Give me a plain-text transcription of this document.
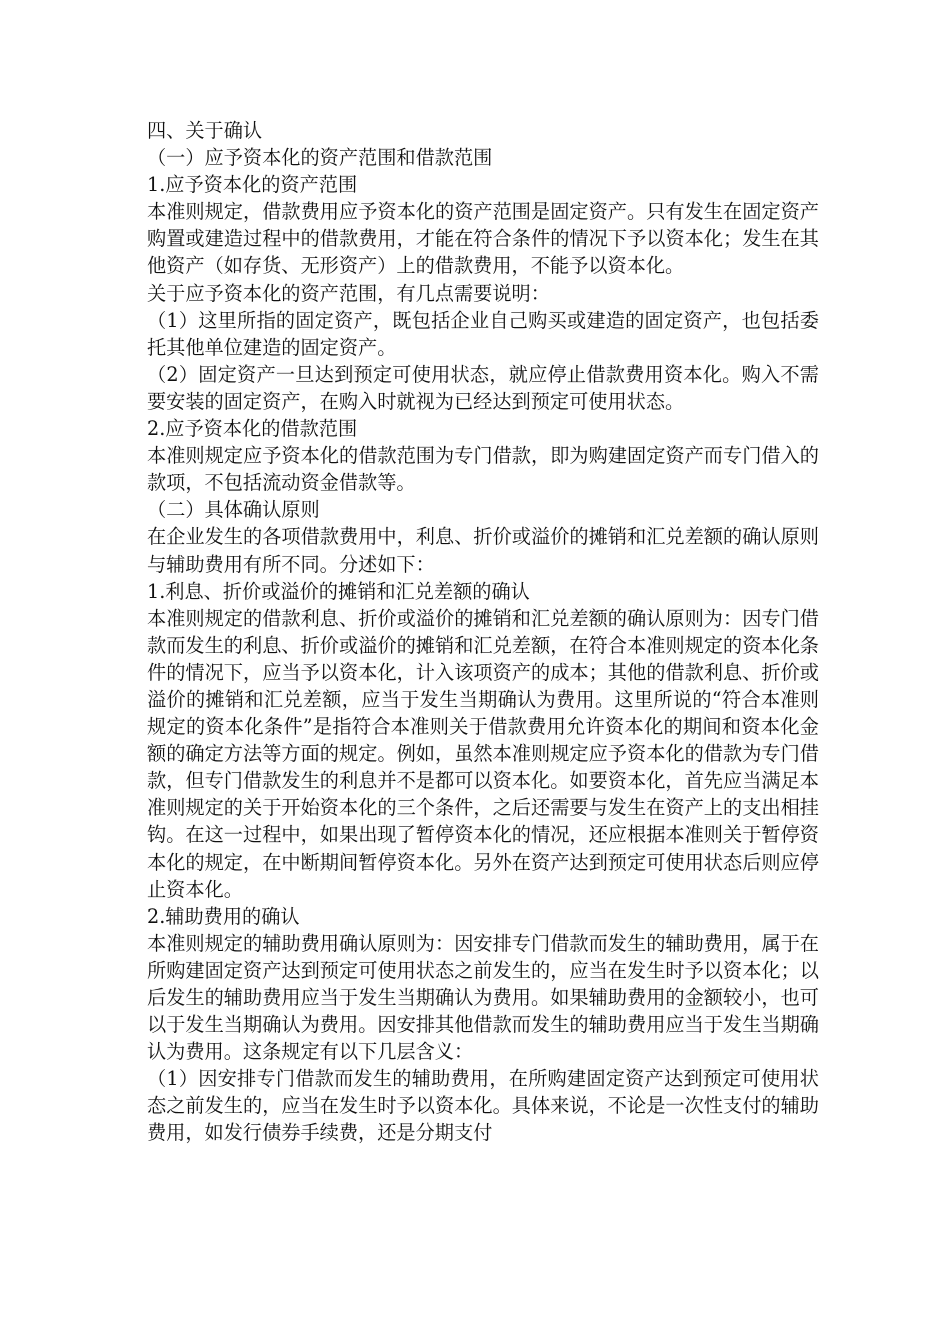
四、关于确认

（一）应予资本化的资产范围和借款范围

1.应予资本化的资产范围

本准则规定，借款费用应予资本化的资产范围是固定资产。只有发生在固定资产购置或建造过程中的借款费用，才能在符合条件的情况下予以资本化；发生在其他资产（如存货、无形资产）上的借款费用，不能予以资本化。

关于应予资本化的资产范围，有几点需要说明：

（1）这里所指的固定资产，既包括企业自己购买或建造的固定资产，也包括委托其他单位建造的固定资产。

（2）固定资产一旦达到预定可使用状态，就应停止借款费用资本化。购入不需要安装的固定资产，在购入时就视为已经达到预定可使用状态。

2.应予资本化的借款范围

本准则规定应予资本化的借款范围为专门借款，即为购建固定资产而专门借入的款项，不包括流动资金借款等。

（二）具体确认原则

在企业发生的各项借款费用中，利息、折价或溢价的摊销和汇兑差额的确认原则与辅助费用有所不同。分述如下：

1.利息、折价或溢价的摊销和汇兑差额的确认

本准则规定的借款利息、折价或溢价的摊销和汇兑差额的确认原则为：因专门借款而发生的利息、折价或溢价的摊销和汇兑差额，在符合本准则规定的资本化条件的情况下，应当予以资本化，计入该项资产的成本；其他的借款利息、折价或溢价的摊销和汇兑差额，应当于发生当期确认为费用。这里所说的“符合本准则规定的资本化条件”是指符合本准则关于借款费用允许资本化的期间和资本化金额的确定方法等方面的规定。例如，虽然本准则规定应予资本化的借款为专门借款，但专门借款发生的利息并不是都可以资本化。如要资本化，首先应当满足本准则规定的关于开始资本化的三个条件，之后还需要与发生在资产上的支出相挂钩。在这一过程中，如果出现了暂停资本化的情况，还应根据本准则关于暂停资本化的规定，在中断期间暂停资本化。另外在资产达到预定可使用状态后则应停止资本化。

2.辅助费用的确认

本准则规定的辅助费用确认原则为：因安排专门借款而发生的辅助费用，属于在所购建固定资产达到预定可使用状态之前发生的，应当在发生时予以资本化；以后发生的辅助费用应当于发生当期确认为费用。如果辅助费用的金额较小，也可以于发生当期确认为费用。因安排其他借款而发生的辅助费用应当于发生当期确认为费用。这条规定有以下几层含义：

（1）因安排专门借款而发生的辅助费用，在所购建固定资产达到预定可使用状态之前发生的，应当在发生时予以资本化。具体来说，不论是一次性支付的辅助费用，如发行债券手续费，还是分期支付
